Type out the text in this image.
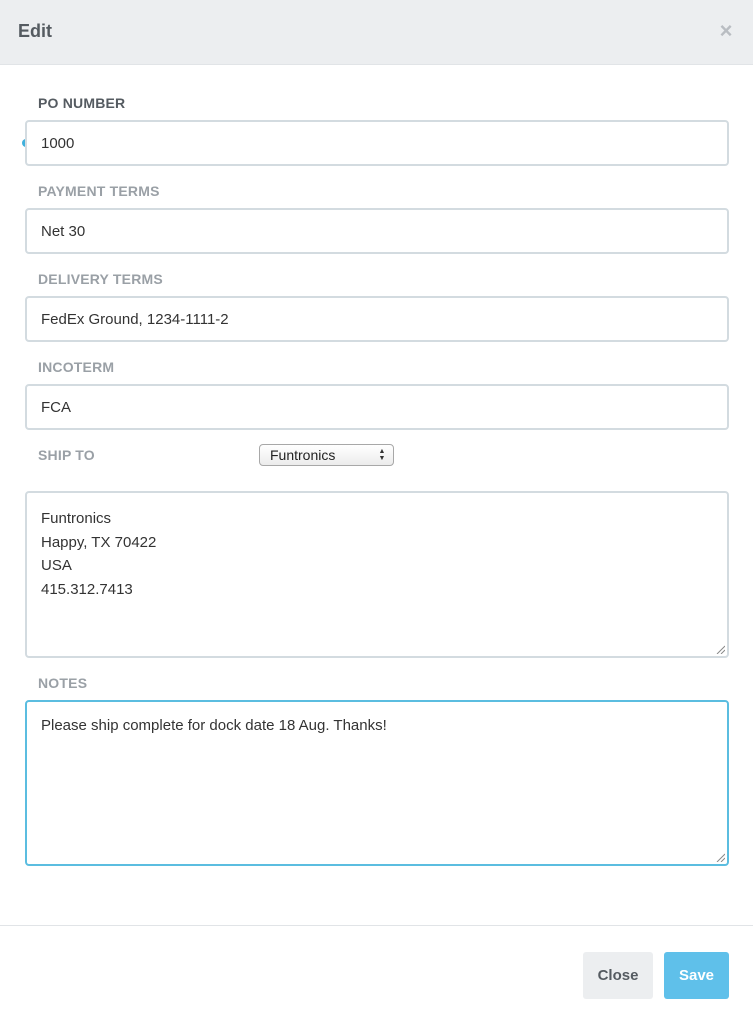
Edit	×
PO NUMBER
1000
PAYMENT TERMS
Net 30
DELIVERY TERMS
FedEx Ground, 1234-1111-2
INCOTERM
FCA
SHIP TO	Funtronics	▲
▼
Funtronics
Happy, TX 70422
USA
415.312.7413
NOTES
Please ship complete for dock date 18 Aug. Thanks!
Close	Save
